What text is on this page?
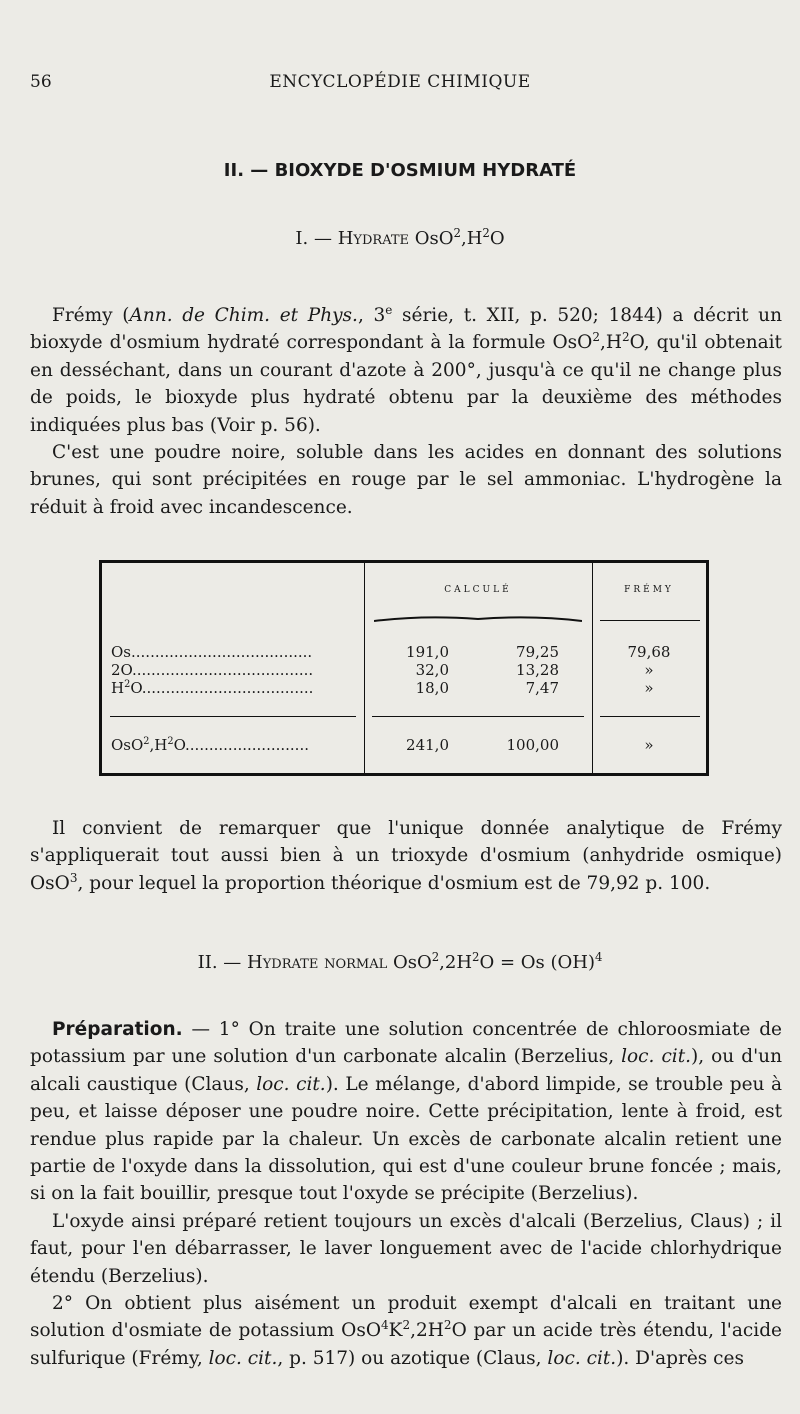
56	ENCYCLOPÉDIE CHIMIQUE
II. — BIOXYDE D'OSMIUM HYDRATÉ
I. — Hydrate $OsO^2,H^2O$

Frémy (Ann. de Chim. et Phys., 3e série, t. XII, p. 520; 1844) a décrit un bioxyde d'osmium hydraté correspondant à la formule $OsO^2,H^2O$, qu'il obtenait en desséchant, dans un courant d'azote à 200°, jusqu'à ce qu'il ne change plus de poids, le bioxyde plus hydraté obtenu par la deuxième des méthodes indiquées plus bas (Voir p. 56).

C'est une poudre noire, soluble dans les acides en donnant des solutions brunes, qui sont précipitées en rouge par le sel ammoniac. L'hydrogène la réduit à froid avec incandescence.

CALCULÉ	FRÉMY
Os......................................	191,0	79,25	79,68
2O......................................	32,0	13,28	»
$H^2O$....................................	18,0	7,47	»
$OsO^2,H^2O$..........................	241,0	100,00	»

Il convient de remarquer que l'unique donnée analytique de Frémy s'appliquerait tout aussi bien à un trioxyde d'osmium (anhydride osmique) OsO$^3$, pour lequel la proportion théorique d'osmium est de 79,92 p. 100.

II. — Hydrate normal $OsO^2,2H^2O = Os$ (OH)$^4$

Préparation. — 1° On traite une solution concentrée de chloroosmiate de potassium par une solution d'un carbonate alcalin (Berzelius, loc. cit.), ou d'un alcali caustique (Claus, loc. cit.). Le mélange, d'abord limpide, se trouble peu à peu, et laisse déposer une poudre noire. Cette précipitation, lente à froid, est rendue plus rapide par la chaleur. Un excès de carbonate alcalin retient une partie de l'oxyde dans la dissolution, qui est d'une couleur brune foncée ; mais, si on la fait bouillir, presque tout l'oxyde se précipite (Berzelius).

L'oxyde ainsi préparé retient toujours un excès d'alcali (Berzelius, Claus) ; il faut, pour l'en débarrasser, le laver longuement avec de l'acide chlorhydrique étendu (Berzelius).

2° On obtient plus aisément un produit exempt d'alcali en traitant une solution d'osmiate de potassium $OsO^4K^2,2H^2O$ par un acide très étendu, l'acide sulfurique (Frémy, loc. cit., p. 517) ou azotique (Claus, loc. cit.). D'après ces
